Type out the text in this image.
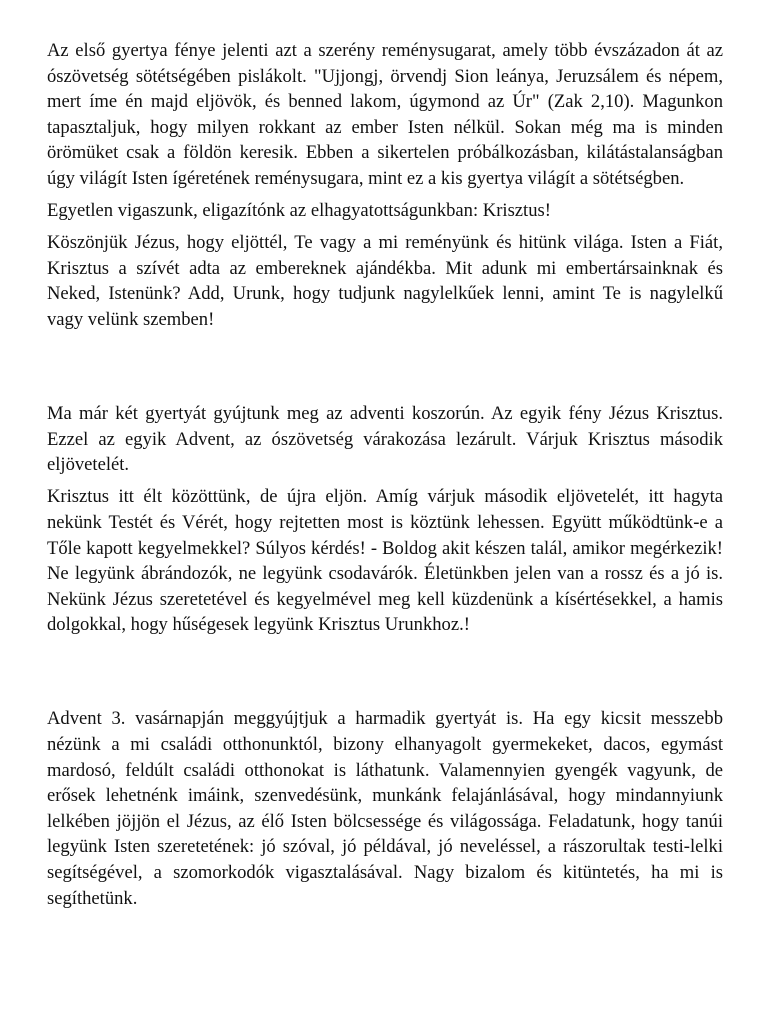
Az első gyertya fénye jelenti azt a szerény reménysugarat, amely több évszázadon át az ószövetség sötétségében pislákolt. "Ujjongj, örvendj Sion leánya, Jeruzsálem és népem, mert íme én majd eljövök, és benned lakom, úgymond az Úr" (Zak 2,10). Magunkon tapasztaljuk, hogy milyen rokkant az ember Isten nélkül. Sokan még ma is minden örömüket csak a földön keresik. Ebben a sikertelen próbálkozásban, kilátástalanságban úgy világít Isten ígéretének reménysugara, mint ez a kis gyertya világít a sötétségben.

Egyetlen vigaszunk, eligazítónk az elhagyatottságunkban: Krisztus!

Köszönjük Jézus, hogy eljöttél, Te vagy a mi reményünk és hitünk világa. Isten a Fiát, Krisztus a szívét adta az embereknek ajándékba. Mit adunk mi embertársainknak és Neked, Istenünk? Add, Urunk, hogy tudjunk nagylelkűek lenni, amint Te is nagylelkű vagy velünk szemben!

Ma már két gyertyát gyújtunk meg az adventi koszorún. Az egyik fény Jézus Krisztus. Ezzel az egyik Advent, az ószövetség várakozása lezárult. Várjuk Krisztus második eljövetelét.

Krisztus itt élt közöttünk, de újra eljön. Amíg várjuk második eljövetelét, itt hagyta nekünk Testét és Vérét, hogy rejtetten most is köztünk lehessen. Együtt működtünk-e a Tőle kapott kegyelmekkel? Súlyos kérdés! - Boldog akit készen talál, amikor megérkezik! Ne legyünk ábrándozók, ne legyünk csodavárók. Életünkben jelen van a rossz és a jó is. Nekünk Jézus szeretetével és kegyelmével meg kell küzdenünk a kísértésekkel, a hamis dolgokkal, hogy hűségesek legyünk Krisztus Urunkhoz.!

Advent 3. vasárnapján meggyújtjuk a harmadik gyertyát is. Ha egy kicsit messzebb nézünk a mi családi otthonunktól, bizony elhanyagolt gyermekeket, dacos, egymást mardosó, feldúlt családi otthonokat is láthatunk. Valamennyien gyengék vagyunk, de erősek lehetnénk imáink, szenvedésünk, munkánk felajánlásával, hogy mindannyiunk lelkében jöjjön el Jézus, az élő Isten bölcsessége és világossága. Feladatunk, hogy tanúi legyünk Isten szeretetének: jó szóval, jó példával, jó neveléssel, a rászorultak testi-lelki segítségével, a szomorkodók vigasztalásával. Nagy bizalom és kitüntetés, ha mi is segíthetünk.
